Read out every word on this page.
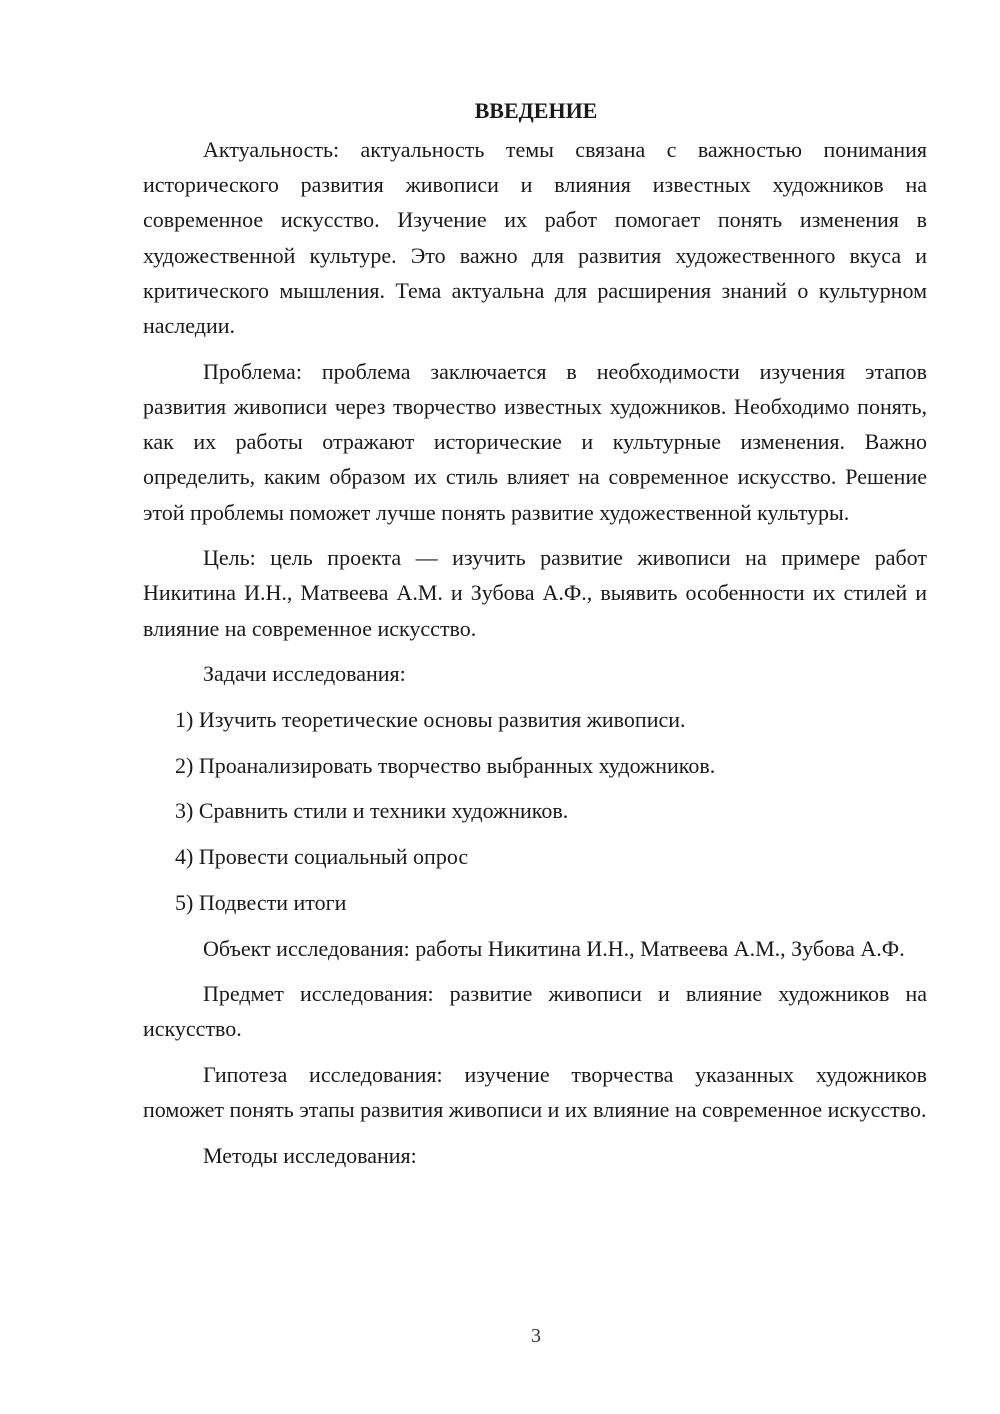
ВВЕДЕНИЕ

Актуальность: актуальность темы связана с важностью понимания исторического развития живописи и влияния известных художников на современное искусство. Изучение их работ помогает понять изменения в художественной культуре. Это важно для развития художественного вкуса и критического мышления. Тема актуальна для расширения знаний о культурном наследии.

Проблема: проблема заключается в необходимости изучения этапов развития живописи через творчество известных художников. Необходимо понять, как их работы отражают исторические и культурные изменения. Важно определить, каким образом их стиль влияет на современное искусство. Решение этой проблемы поможет лучше понять развитие художественной культуры.

Цель: цель проекта — изучить развитие живописи на примере работ Никитина И.Н., Матвеева А.М. и Зубова А.Ф., выявить особенности их стилей и влияние на современное искусство.

Задачи исследования:

1) Изучить теоретические основы развития живописи.
2) Проанализировать творчество выбранных художников.
3) Сравнить стили и техники художников.
4) Провести социальный опрос
5) Подвести итоги

Объект исследования: работы Никитина И.Н., Матвеева А.М., Зубова А.Ф.

Предмет исследования: развитие живописи и влияние художников на искусство.

Гипотеза исследования: изучение творчества указанных художников поможет понять этапы развития живописи и их влияние на современное искусство.

Методы исследования:

3
